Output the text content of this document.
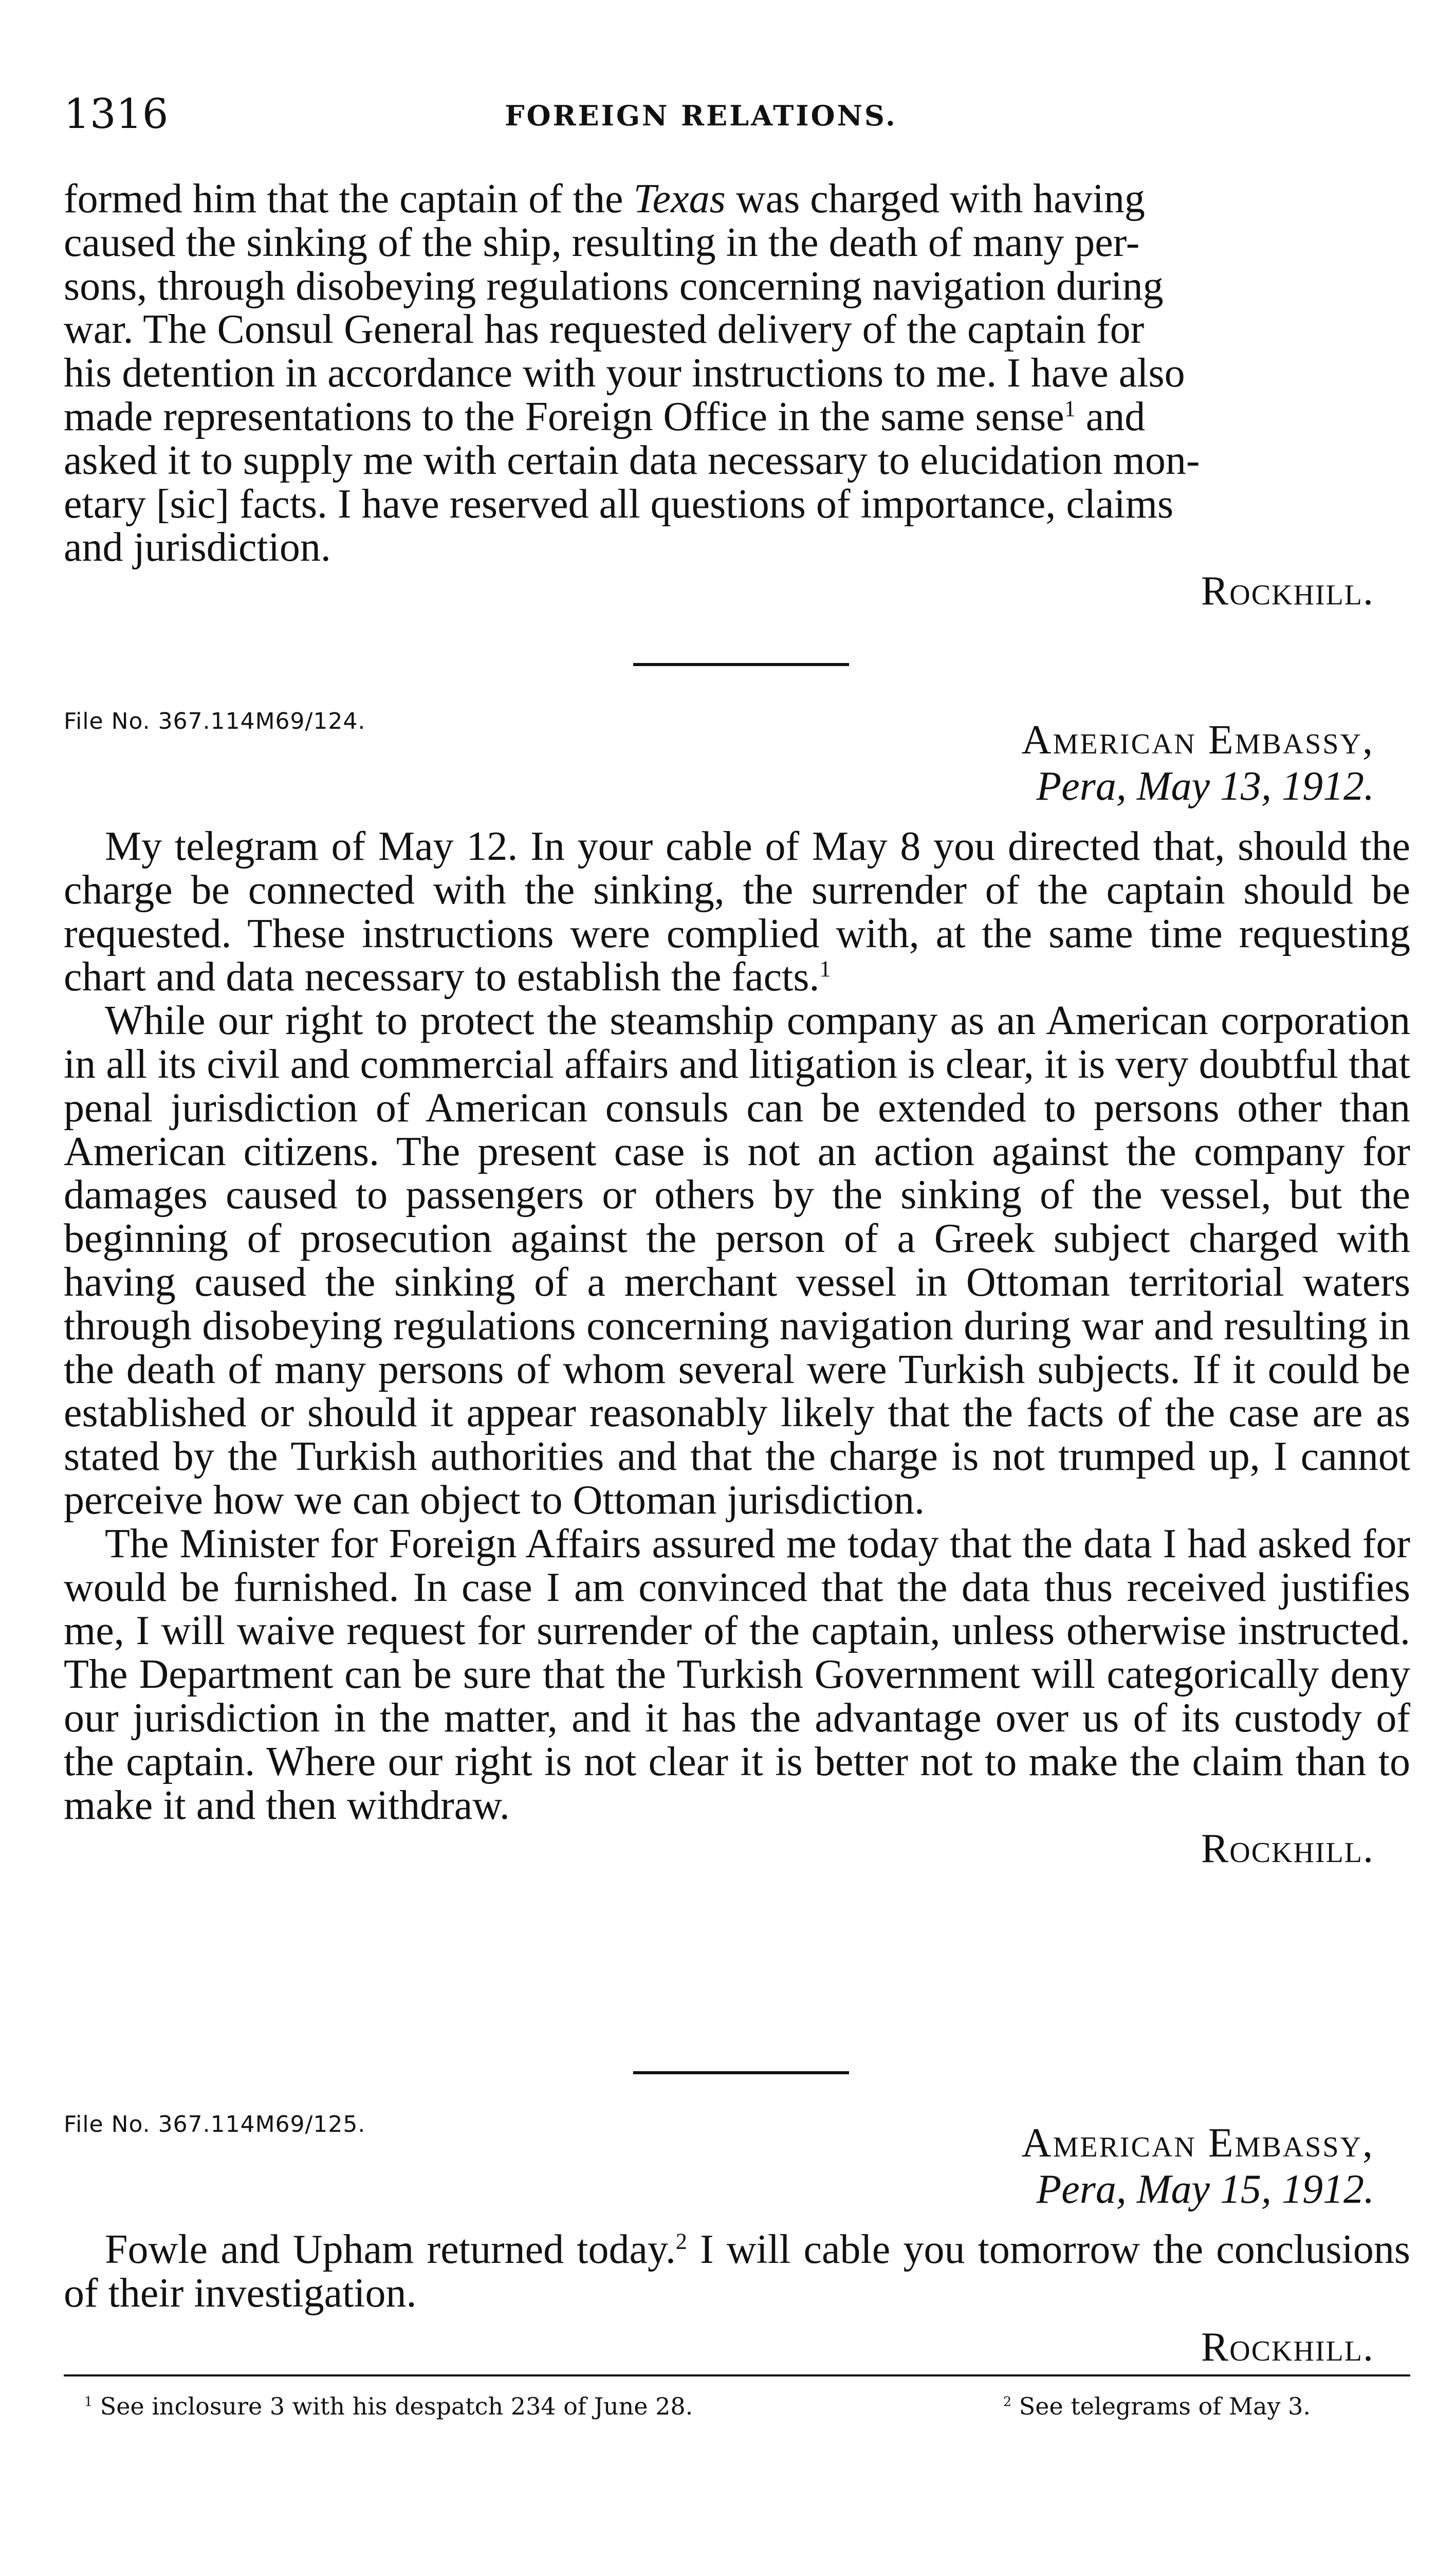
1316	FOREIGN RELATIONS.

formed him that the captain of the Texas was charged with having

caused the sinking of the ship, resulting in the death of many per-

sons, through disobeying regulations concerning navigation during

war. The Consul General has requested delivery of the captain for

his detention in accordance with your instructions to me. I have also

made representations to the Foreign Office in the same sense$^1$ and

asked it to supply me with certain data necessary to elucidation mon-

etary [sic] facts. I have reserved all questions of importance, claims

and jurisdiction.

Rockhill.

File No. 367.114M69/124.	American Embassy,
Pera, May 13, 1912.

My telegram of May 12. In your cable of May 8 you directed that, should the charge be connected with the sinking, the surrender of the captain should be requested. These instructions were complied with, at the same time requesting chart and data necessary to establish the facts.$^1$

While our right to protect the steamship company as an American corporation in all its civil and commercial affairs and litigation is clear, it is very doubtful that penal jurisdiction of American consuls can be extended to persons other than American citizens. The present case is not an action against the company for damages caused to passengers or others by the sinking of the vessel, but the beginning of prosecution against the person of a Greek subject charged with having caused the sinking of a merchant vessel in Ottoman territorial waters through disobeying regulations concerning navigation during war and resulting in the death of many persons of whom several were Turkish subjects. If it could be established or should it appear reasonably likely that the facts of the case are as stated by the Turkish authorities and that the charge is not trumped up, I cannot perceive how we can object to Ottoman jurisdiction.

The Minister for Foreign Affairs assured me today that the data I had asked for would be furnished. In case I am convinced that the data thus received justifies me, I will waive request for surrender of the captain, unless otherwise instructed. The Department can be sure that the Turkish Government will categorically deny our jurisdiction in the matter, and it has the advantage over us of its custody of the captain. Where our right is not clear it is better not to make the claim than to make it and then withdraw.

Rockhill.

File No. 367.114M69/125.	American Embassy,
Pera, May 15, 1912.

Fowle and Upham returned today.$^2$ I will cable you tomorrow the conclusions of their investigation.

Rockhill.

$^1$ See inclosure 3 with his despatch 234 of June 28.	$^2$ See telegrams of May 3.
